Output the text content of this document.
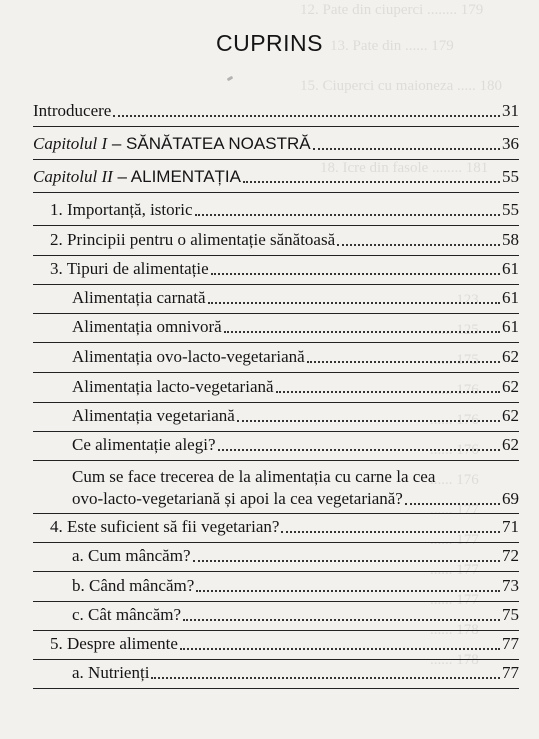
12. Pate din ciuperci ........ 179
13. Pate din ...... 179
15. Ciuperci cu maioneza ..... 180
18. Icre din fasole ........ 181
...... 123
...... 125
...... 175
...... 176
...... 176
...... 176
...... 176
...... 177
...... 177
...... 177
...... 177
...... 178
...... 178
CUPRINS
Introducere	31
Capitolul I – SĂNĂTATEA NOASTRĂ	36
Capitolul II – ALIMENTAȚIA	55
1. Importanță, istoric	55
2. Principii pentru o alimentație sănătoasă	58
3. Tipuri de alimentație	61
Alimentația carnată	61
Alimentația omnivoră	61
Alimentația ovo-lacto-vegetariană	62
Alimentația lacto-vegetariană	62
Alimentația vegetariană	62
Ce alimentație alegi?	62
Cum se face trecerea de la alimentația cu carne la cea
ovo-lacto-vegetariană și apoi la cea vegetariană?	69
4. Este suficient să fii vegetarian?	71
a. Cum mâncăm?	72
b. Când mâncăm?	73
c. Cât mâncăm?	75
5. Despre alimente	77
a. Nutrienți	77
